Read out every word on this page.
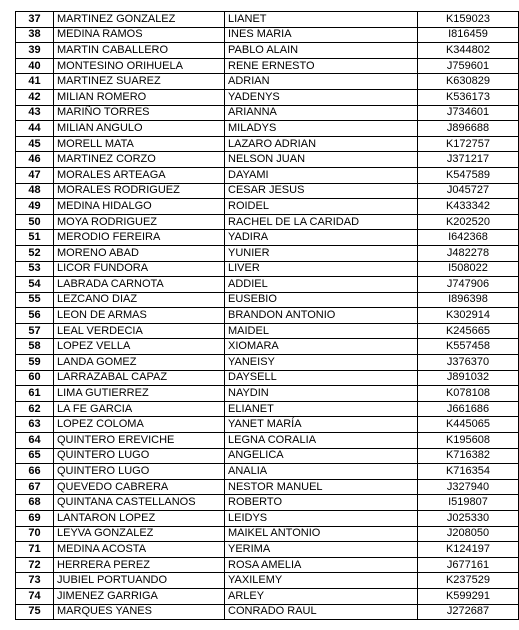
37	MARTINEZ GONZALEZ	LIANET	K159023
38	MEDINA RAMOS	INES MARIA	I816459
39	MARTIN CABALLERO	PABLO ALAIN	K344802
40	MONTESINO ORIHUELA	RENE ERNESTO	J759601
41	MARTINEZ SUAREZ	ADRIAN	K630829
42	MILIAN ROMERO	YADENYS	K536173
43	MARIÑO TORRES	ARIANNA	J734601
44	MILIAN ANGULO	MILADYS	J896688
45	MORELL MATA	LAZARO ADRIAN	K172757
46	MARTINEZ CORZO	NELSON JUAN	J371217
47	MORALES ARTEAGA	DAYAMI	K547589
48	MORALES RODRIGUEZ	CESAR JESUS	J045727
49	MEDINA HIDALGO	ROIDEL	K433342
50	MOYA RODRIGUEZ	RACHEL DE LA CARIDAD	K202520
51	MERODIO FEREIRA	YADIRA	I642368
52	MORENO ABAD	YUNIER	J482278
53	LICOR FUNDORA	LIVER	I508022
54	LABRADA CARNOTA	ADDIEL	J747906
55	LEZCANO DIAZ	EUSEBIO	I896398
56	LEON DE ARMAS	BRANDON ANTONIO	K302914
57	LEAL VERDECIA	MAIDEL	K245665
58	LOPEZ VELLA	XIOMARA	K557458
59	LANDA GOMEZ	YANEISY	J376370
60	LARRAZABAL CAPAZ	DAYSELL	J891032
61	LIMA GUTIERREZ	NAYDIN	K078108
62	LA FE GARCIA	ELIANET	J661686
63	LOPEZ COLOMA	YANET MARÍA	K445065
64	QUINTERO EREVICHE	LEGNA CORALIA	K195608
65	QUINTERO LUGO	ANGELICA	K716382
66	QUINTERO LUGO	ANALIA	K716354
67	QUEVEDO CABRERA	NESTOR MANUEL	J327940
68	QUINTANA CASTELLANOS	ROBERTO	I519807
69	LANTARON LOPEZ	LEIDYS	J025330
70	LEYVA GONZALEZ	MAIKEL ANTONIO	J208050
71	MEDINA ACOSTA	YERIMA	K124197
72	HERRERA PEREZ	ROSA AMELIA	J677161
73	JUBIEL PORTUANDO	YAXILEMY	K237529
74	JIMENEZ GARRIGA	ARLEY	K599291
75	MARQUES YANES	CONRADO RAUL	J272687
